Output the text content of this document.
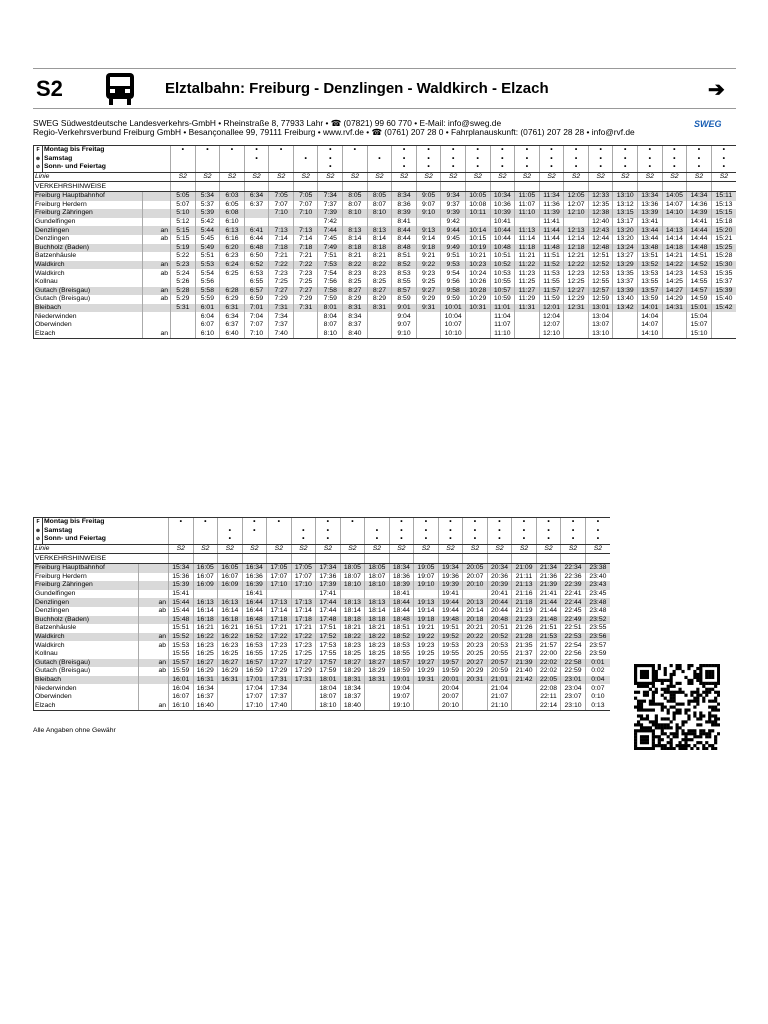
S2	Elztalbahn: Freiburg - Denzlingen - Waldkirch - Elzach	➔
SWEG Südwestdeutsche Landesverkehrs-GmbH • Rheinstraße 8, 77933 Lahr • ☎ (07821) 99 60 770 • E-Mail: info@sweg.de
Regio-Verkehrsverbund Freiburg GmbH • Besançonallee 99, 79111 Freiburg • www.rvf.de • ☎ (0761) 207 28 0 • Fahrplanauskunft: (0761) 207 28 28 • info@rvf.de
SWEG
F	Montag bis Freitag		•	•	•	•	•		•	•		•	•	•	•	•	•	•	•	•	•	•	•	•	•
⊛	Samstag					•		•	•		•	•	•	•	•	•	•	•	•	•	•	•	•	•	•
⊘	Sonn- und Feiertag								•			•	•	•	•	•	•	•	•	•	•	•	•	•	•
Linie			S2	S2	S2	S2	S2	S2	S2	S2	S2	S2	S2	S2	S2	S2	S2	S2	S2	S2	S2	S2	S2	S2	S2
VERKEHRSHINWEISE																									
Freiburg Hauptbahnhof			5:05	5:34	6:03	6:34	7:05	7:05	7:34	8:05	8:05	8:34	9:05	9:34	10:05	10:34	11:05	11:34	12:05	12:33	13:10	13:34	14:05	14:34	15:11
Freiburg Herdern			5:07	5:37	6:05	6:37	7:07	7:07	7:37	8:07	8:07	8:36	9:07	9:37	10:08	10:36	11:07	11:36	12:07	12:35	13:12	13:36	14:07	14:36	15:13
Freiburg Zähringen			5:10	5:39	6:08		7:10	7:10	7:39	8:10	8:10	8:39	9:10	9:39	10:11	10:39	11:10	11:39	12:10	12:38	13:15	13:39	14:10	14:39	15:15
Gundelfingen			5:12	5:42	6:10				7:42			8:41		9:42		10:41		11:41		12:40	13:17	13:41		14:41	15:18
Denzlingen		an	5:15	5:44	6:13	6:41	7:13	7:13	7:44	8:13	8:13	8:44	9:13	9:44	10:14	10:44	11:13	11:44	12:13	12:43	13:20	13:44	14:13	14:44	15:20
Denzlingen		ab	5:15	5:45	6:16	6:44	7:14	7:14	7:45	8:14	8:14	8:44	9:14	9:45	10:15	10:44	11:14	11:44	12:14	12:44	13:20	13:44	14:14	14:44	15:21
Buchholz (Baden)			5:19	5:49	6:20	6:48	7:18	7:18	7:49	8:18	8:18	8:48	9:18	9:49	10:19	10:48	11:18	11:48	12:18	12:48	13:24	13:48	14:18	14:48	15:25
Batzenhäusle			5:22	5:51	6:23	6:50	7:21	7:21	7:51	8:21	8:21	8:51	9:21	9:51	10:21	10:51	11:21	11:51	12:21	12:51	13:27	13:51	14:21	14:51	15:28
Waldkirch		an	5:23	5:53	6:24	6:52	7:22	7:22	7:53	8:22	8:22	8:52	9:22	9:53	10:23	10:52	11:22	11:52	12:22	12:52	13:29	13:52	14:22	14:52	15:30
Waldkirch		ab	5:24	5:54	6:25	6:53	7:23	7:23	7:54	8:23	8:23	8:53	9:23	9:54	10:24	10:53	11:23	11:53	12:23	12:53	13:35	13:53	14:23	14:53	15:35
Kollnau			5:26	5:56		6:55	7:25	7:25	7:56	8:25	8:25	8:55	9:25	9:56	10:26	10:55	11:25	11:55	12:25	12:55	13:37	13:55	14:25	14:55	15:37
Gutach (Breisgau)		an	5:28	5:58	6:28	6:57	7:27	7:27	7:58	8:27	8:27	8:57	9:27	9:58	10:28	10:57	11:27	11:57	12:27	12:57	13:39	13:57	14:27	14:57	15:39
Gutach (Breisgau)		ab	5:29	5:59	6:29	6:59	7:29	7:29	7:59	8:29	8:29	8:59	9:29	9:59	10:29	10:59	11:29	11:59	12:29	12:59	13:40	13:59	14:29	14:59	15:40
Bleibach			5:31	6:01	6:31	7:01	7:31	7:31	8:01	8:31	8:31	9:01	9:31	10:01	10:31	11:01	11:31	12:01	12:31	13:01	13:42	14:01	14:31	15:01	15:42
Niederwinden				6:04	6:34	7:04	7:34		8:04	8:34		9:04		10:04		11:04		12:04		13:04		14:04		15:04	
Oberwinden				6:07	6:37	7:07	7:37		8:07	8:37		9:07		10:07		11:07		12:07		13:07		14:07		15:07	
Elzach		an		6:10	6:40	7:10	7:40		8:10	8:40		9:10		10:10		11:10		12:10		13:10		14:10		15:10	
F	Montag bis Freitag		•	•		•	•		•	•		•	•	•	•	•	•	•	•	•
⊛	Samstag				•	•		•	•		•	•	•	•	•	•	•	•	•	•
⊘	Sonn- und Feiertag				•			•	•		•	•	•	•	•	•	•	•	•	•
Linie			S2	S2	S2	S2	S2	S2	S2	S2	S2	S2	S2	S2	S2	S2	S2	S2	S2	S2
VERKEHRSHINWEISE																				
Freiburg Hauptbahnhof			15:34	16:05	16:05	16:34	17:05	17:05	17:34	18:05	18:05	18:34	19:05	19:34	20:05	20:34	21:09	21:34	22:34	23:38
Freiburg Herdern			15:36	16:07	16:07	16:36	17:07	17:07	17:36	18:07	18:07	18:36	19:07	19:36	20:07	20:36	21:11	21:36	22:36	23:40
Freiburg Zähringen			15:39	16:09	16:09	16:39	17:10	17:10	17:39	18:10	18:10	18:39	19:10	19:39	20:10	20:39	21:13	21:39	22:39	23:43
Gundelfingen			15:41			16:41			17:41			18:41		19:41		20:41	21:16	21:41	22:41	23:45
Denzlingen		an	15:44	16:13	16:13	16:44	17:13	17:13	17:44	18:13	18:13	18:44	19:13	19:44	20:13	20:44	21:18	21:44	22:44	23:48
Denzlingen		ab	15:44	16:14	16:14	16:44	17:14	17:14	17:44	18:14	18:14	18:44	19:14	19:44	20:14	20:44	21:19	21:44	22:45	23:48
Buchholz (Baden)			15:48	16:18	16:18	16:48	17:18	17:18	17:48	18:18	18:18	18:48	19:18	19:48	20:18	20:48	21:23	21:48	22:49	23:52
Batzenhäusle			15:51	16:21	16:21	16:51	17:21	17:21	17:51	18:21	18:21	18:51	19:21	19:51	20:21	20:51	21:26	21:51	22:51	23:55
Waldkirch		an	15:52	16:22	16:22	16:52	17:22	17:22	17:52	18:22	18:22	18:52	19:22	19:52	20:22	20:52	21:28	21:53	22:53	23:56
Waldkirch		ab	15:53	16:23	16:23	16:53	17:23	17:23	17:53	18:23	18:23	18:53	19:23	19:53	20:23	20:53	21:35	21:57	22:54	23:57
Kollnau			15:55	16:25	16:25	16:55	17:25	17:25	17:55	18:25	18:25	18:55	19:25	19:55	20:25	20:55	21:37	22:00	22:56	23:59
Gutach (Breisgau)		an	15:57	16:27	16:27	16:57	17:27	17:27	17:57	18:27	18:27	18:57	19:27	19:57	20:27	20:57	21:39	22:02	22:58	0:01
Gutach (Breisgau)		ab	15:59	16:29	16:29	16:59	17:29	17:29	17:59	18:29	18:29	18:59	19:29	19:59	20:29	20:59	21:40	22:02	22:59	0:02
Bleibach			16:01	16:31	16:31	17:01	17:31	17:31	18:01	18:31	18:31	19:01	19:31	20:01	20:31	21:01	21:42	22:05	23:01	0:04
Niederwinden			16:04	16:34		17:04	17:34		18:04	18:34		19:04		20:04		21:04		22:08	23:04	0:07
Oberwinden			16:07	16:37		17:07	17:37		18:07	18:37		19:07		20:07		21:07		22:11	23:07	0:10
Elzach		an	16:10	16:40		17:10	17:40		18:10	18:40		19:10		20:10		21:10		22:14	23:10	0:13
Alle Angaben ohne Gewähr
